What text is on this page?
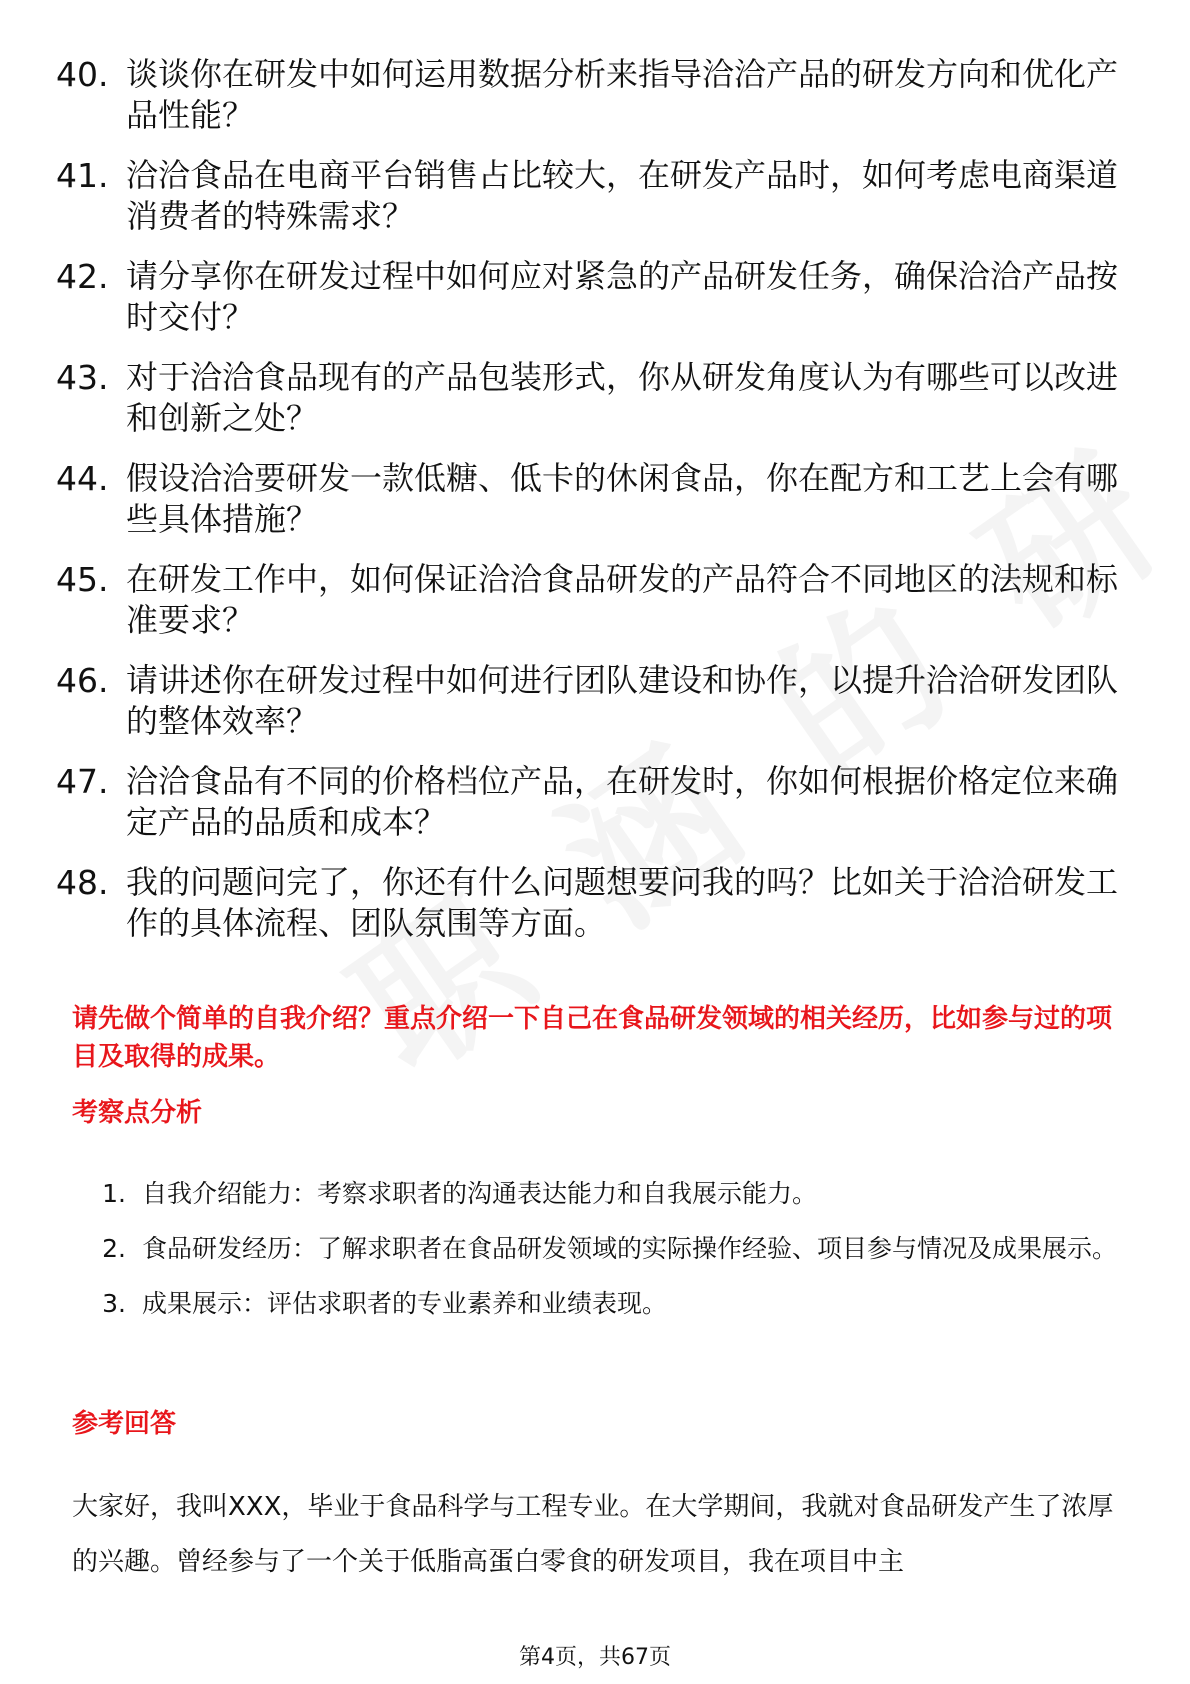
40. 谈谈你在研发中如何运用数据分析来指导洽洽产品的研发方向和优化产品性能？
41. 洽洽食品在电商平台销售占比较大，在研发产品时，如何考虑电商渠道消费者的特殊需求？
42. 请分享你在研发过程中如何应对紧急的产品研发任务，确保洽洽产品按时交付？
43. 对于洽洽食品现有的产品包装形式，你从研发角度认为有哪些可以改进和创新之处？
44. 假设洽洽要研发一款低糖、低卡的休闲食品，你在配方和工艺上会有哪些具体措施？
45. 在研发工作中，如何保证洽洽食品研发的产品符合不同地区的法规和标准要求？
46. 请讲述你在研发过程中如何进行团队建设和协作，以提升洽洽研发团队的整体效率？
47. 洽洽食品有不同的价格档位产品，在研发时，你如何根据价格定位来确定产品的品质和成本？
48. 我的问题问完了，你还有什么问题想要问我的吗？比如关于洽洽研发工作的具体流程、团队氛围等方面。
请先做个简单的自我介绍？重点介绍一下自己在食品研发领域的相关经历，比如参与过的项目及取得的成果。
考察点分析
1. 自我介绍能力：考察求职者的沟通表达能力和自我展示能力。
2. 食品研发经历：了解求职者在食品研发领域的实际操作经验、项目参与情况及成果展示。
3. 成果展示：评估求职者的专业素养和业绩表现。
参考回答
大家好，我叫XXX，毕业于食品科学与工程专业。在大学期间，我就对食品研发产生了浓厚的兴趣。曾经参与了一个关于低脂高蛋白零食的研发项目，我在项目中主
第4页，共67页
